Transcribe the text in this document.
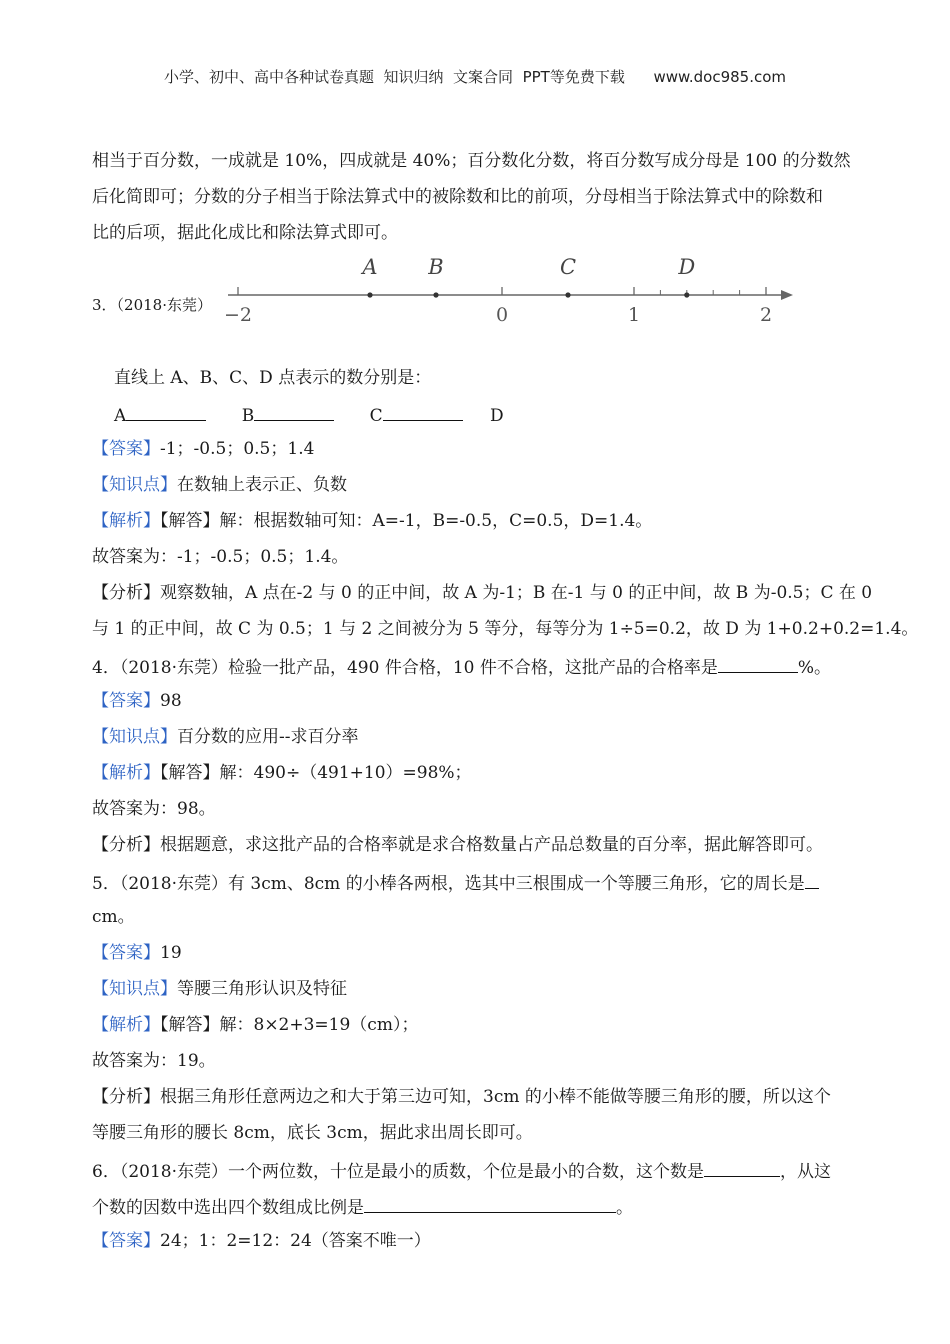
小学、初中、高中各种试卷真题  知识归纳  文案合同  PPT等免费下载 www.doc985.com
相当于百分数，一成就是 10%，四成就是 40%；百分数化分数，将百分数写成分母是 100 的分数然
后化简即可；分数的分子相当于除法算式中的被除数和比的前项，分母相当于除法算式中的除数和
比的后项，据此化成比和除法算式即可。
3．（2018·东莞） −2	0	1	2
A B	C	D
直线上 A、B、C、D 点表示的数分别是：
A	B	C	D
【答案】-1；-0.5；0.5；1.4
【知识点】在数轴上表示正、负数
【解析】【解答】解：根据数轴可知：A=-1，B=-0.5，C=0.5，D=1.4。
故答案为：-1；-0.5；0.5；1.4。
【分析】观察数轴，A 点在-2 与 0 的正中间，故 A 为-1；B 在-1 与 0 的正中间，故 B 为-0.5；C 在 0
与 1 的正中间，故 C 为 0.5；1 与 2 之间被分为 5 等分，每等分为 1÷5=0.2，故 D 为 1+0.2+0.2=1.4。
4．（2018·东莞）检验一批产品，490 件合格，10 件不合格，这批产品的合格率是	%。
【答案】98
【知识点】百分数的应用--求百分率
【解析】【解答】解：490÷（491+10）=98%；
故答案为：98。
【分析】根据题意，求这批产品的合格率就是求合格数量占产品总数量的百分率，据此解答即可。
5．（2018·东莞）有 3cm、8cm 的小棒各两根，选其中三根围成一个等腰三角形，它的周长是
cm。
【答案】19
【知识点】等腰三角形认识及特征
【解析】【解答】解：8×2+3=19（cm）；
故答案为：19。
【分析】根据三角形任意两边之和大于第三边可知，3cm 的小棒不能做等腰三角形的腰，所以这个
等腰三角形的腰长 8cm，底长 3cm，据此求出周长即可。
6．（2018·东莞）一个两位数，十位是最小的质数，个位是最小的合数，这个数是	，从这
个数的因数中选出四个数组成比例是	。
【答案】24；1：2=12：24（答案不唯一）
